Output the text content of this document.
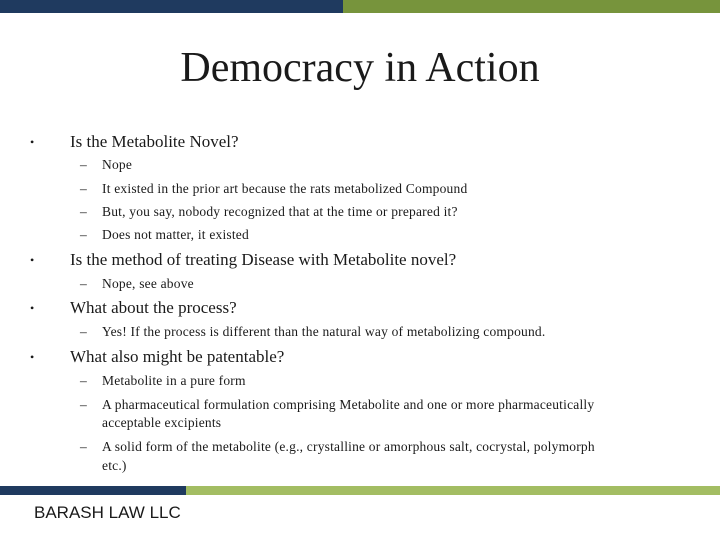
Democracy in Action
• Is the Metabolite Novel?
– Nope
– It existed in the prior art because the rats metabolized Compound
– But, you say, nobody recognized that at the time or prepared it?
– Does not matter, it existed
• Is the method of treating Disease with Metabolite novel?
– Nope, see above
• What about the process?
– Yes! If the process is different than the natural way of metabolizing compound.
• What also might be patentable?
– Metabolite in a pure form
– A pharmaceutical formulation comprising Metabolite and one or more pharmaceutically
acceptable excipients
– A solid form of the metabolite (e.g., crystalline or amorphous salt, cocrystal, polymorph
etc.)
BARASH LAW LLC
